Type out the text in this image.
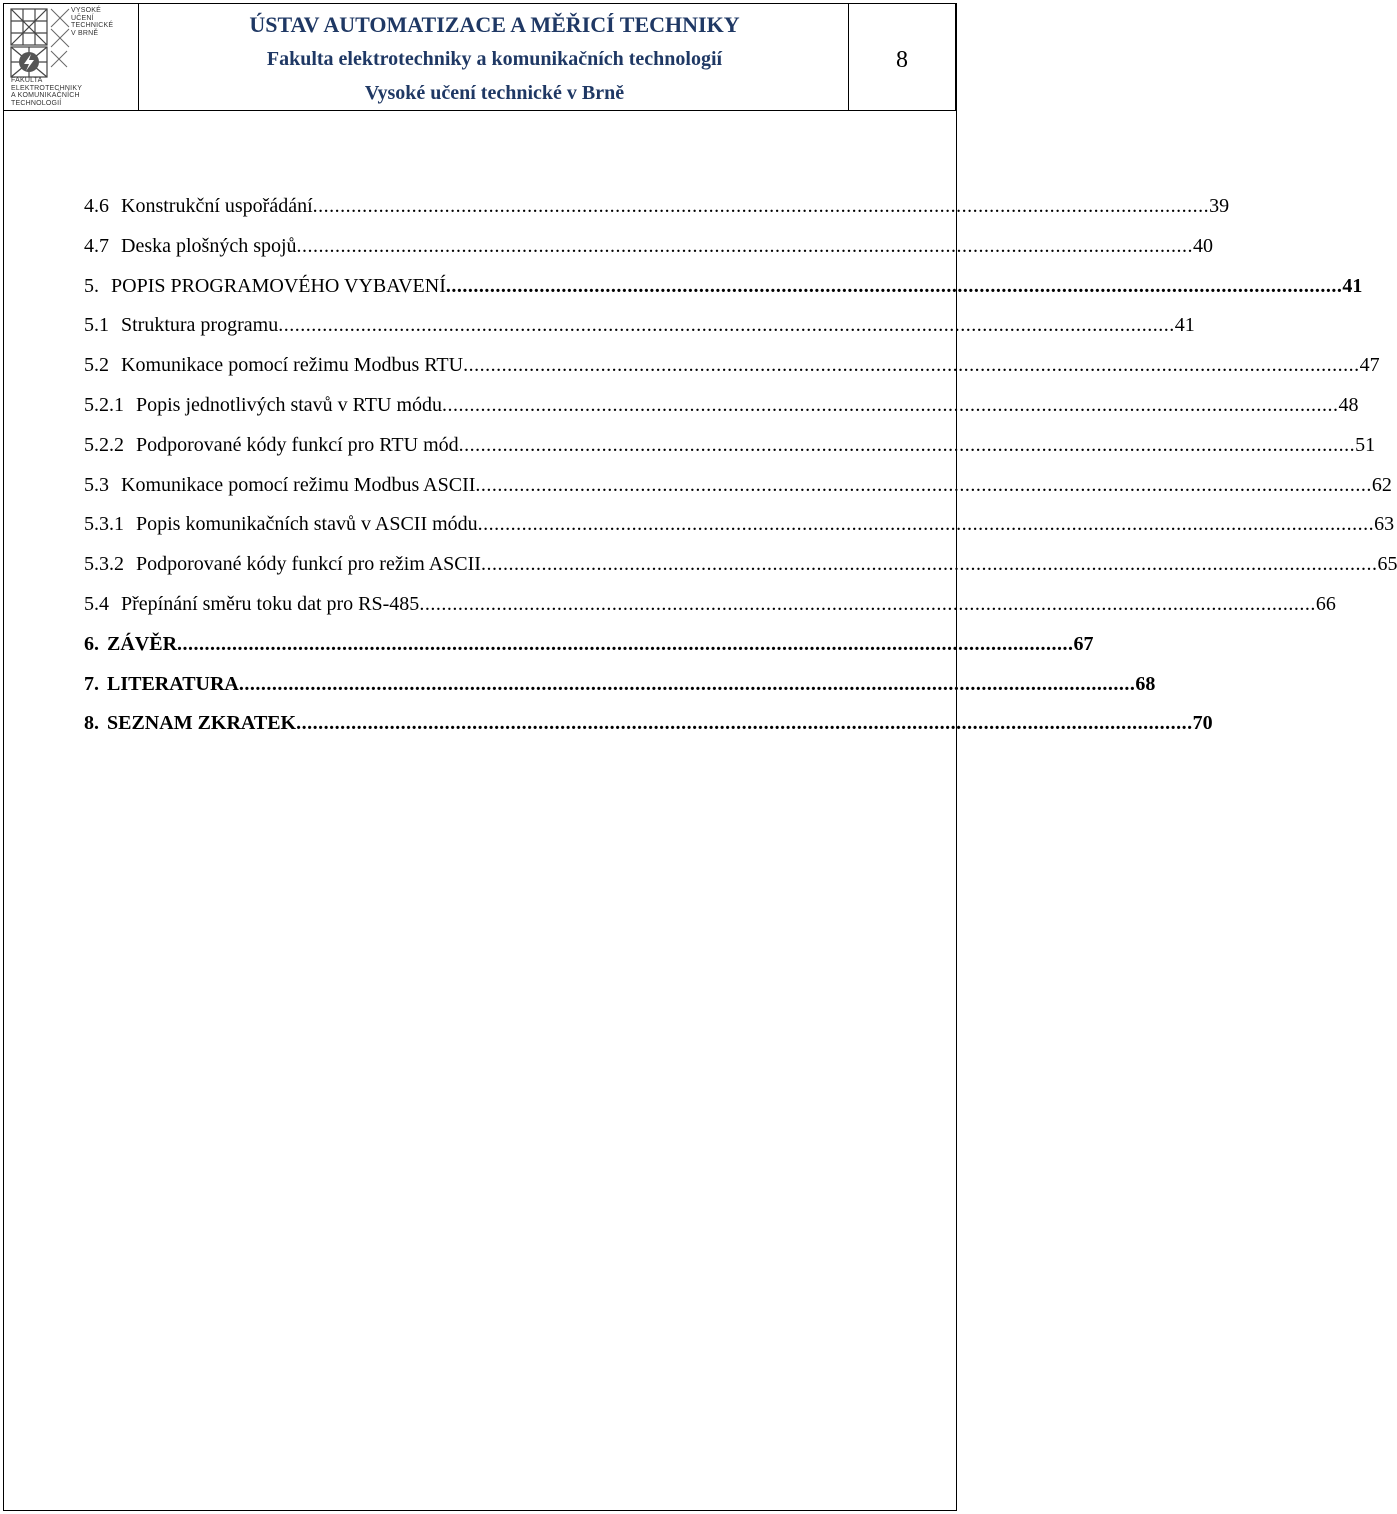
VYSOKÉ
UČENÍ
TECHNICKÉ
V BRNĚ
FAKULTA
ELEKTROTECHNIKY
A KOMUNIKAČNÍCH
TECHNOLOGIÍ
ÚSTAV AUTOMATIZACE A MĚŘICÍ TECHNIKY
Fakulta elektrotechniky a komunikačních technologií
Vysoké učení technické v Brně
8
4.6 Konstrukční uspořádání ................................................................................................................................................................... 39
4.7 Deska plošných spojů ................................................................................................................................................................... 40
5. POPIS PROGRAMOVÉHO VYBAVENÍ ................................................................................................................................................................... 41
5.1 Struktura programu ................................................................................................................................................................... 41
5.2 Komunikace pomocí režimu Modbus RTU ................................................................................................................................................................... 47
5.2.1 Popis jednotlivých stavů v RTU módu ................................................................................................................................................................... 48
5.2.2 Podporované kódy funkcí pro RTU mód ................................................................................................................................................................... 51
5.3 Komunikace pomocí režimu Modbus ASCII ................................................................................................................................................................... 62
5.3.1 Popis komunikačních stavů v ASCII módu ................................................................................................................................................................... 63
5.3.2 Podporované kódy funkcí pro režim ASCII ................................................................................................................................................................... 65
5.4 Přepínání směru toku dat pro RS-485 ................................................................................................................................................................... 66
6. ZÁVĚR ................................................................................................................................................................... 67
7. LITERATURA ................................................................................................................................................................... 68
8. SEZNAM ZKRATEK ................................................................................................................................................................... 70
